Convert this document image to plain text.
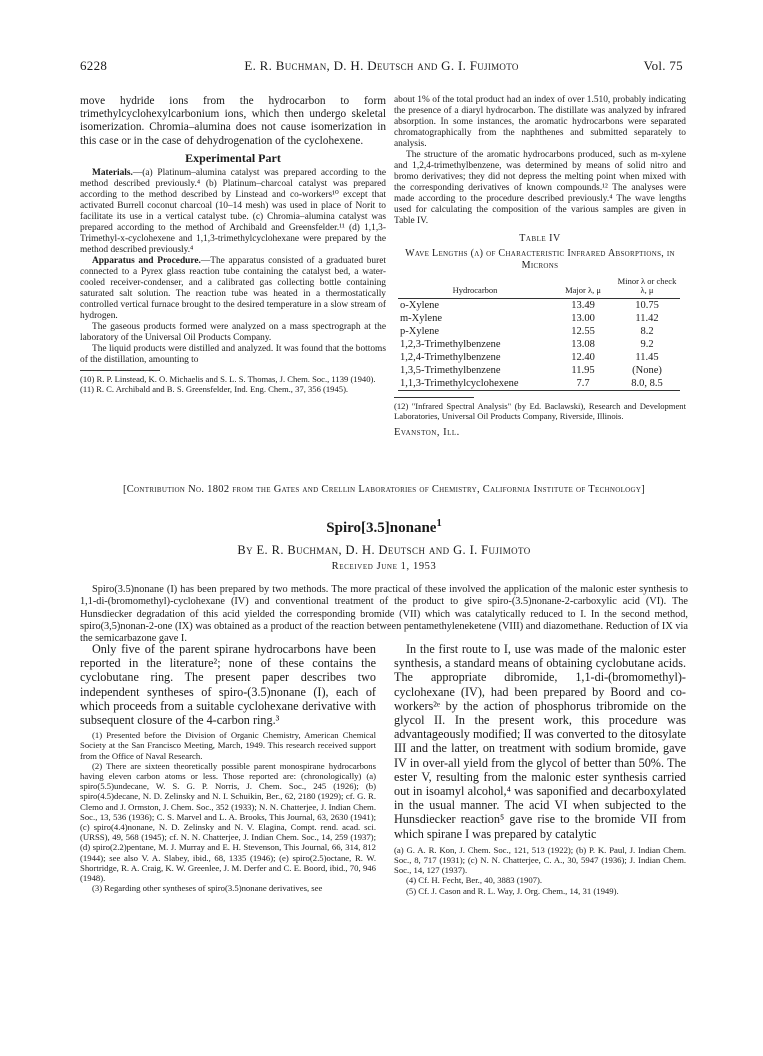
6228	E. R. Buchman, D. H. Deutsch and G. I. Fujimoto	Vol. 75

move hydride ions from the hydrocarbon to form trimethylcyclohexylcarbonium ions, which then undergo skeletal isomerization. Chromia–alumina does not cause isomerization in this case or in the case of dehydrogenation of the cyclohexene.

Experimental Part

Materials.—(a) Platinum–alumina catalyst was prepared according to the method described previously.⁴ (b) Platinum–charcoal catalyst was prepared according to the method described by Linstead and co-workers¹⁰ except that activated Burrell coconut charcoal (10–14 mesh) was used in place of Norit to facilitate its use in a vertical catalyst tube. (c) Chromia–alumina catalyst was prepared according to the method of Archibald and Greensfelder.¹¹ (d) 1,1,3-Trimethyl-x-cyclohexene and 1,1,3-trimethylcyclohexane were prepared by the method described previously.⁴

Apparatus and Procedure.—The apparatus consisted of a graduated buret connected to a Pyrex glass reaction tube containing the catalyst bed, a water-cooled receiver-condenser, and a calibrated gas collecting bottle containing saturated salt solution. The reaction tube was heated in a thermostatically controlled vertical furnace brought to the desired temperature in a slow stream of hydrogen.

The gaseous products formed were analyzed on a mass spectrograph at the laboratory of the Universal Oil Products Company.

The liquid products were distilled and analyzed. It was found that the bottoms of the distillation, amounting to

(10) R. P. Linstead, K. O. Michaelis and S. L. S. Thomas, J. Chem. Soc., 1139 (1940).

(11) R. C. Archibald and B. S. Greensfelder, Ind. Eng. Chem., 37, 356 (1945).

about 1% of the total product had an index of over 1.510, probably indicating the presence of a diaryl hydrocarbon. The distillate was analyzed by infrared absorption. In some instances, the aromatic hydrocarbons were separated chromatographically from the naphthenes and submitted separately to analysis.

The structure of the aromatic hydrocarbons produced, such as m-xylene and 1,2,4-trimethylbenzene, was determined by means of solid nitro and bromo derivatives; they did not depress the melting point when mixed with the corresponding derivatives of known compounds.¹² The analyses were made according to the procedure described previously.⁴ The wave lengths used for calculating the composition of the various samples are given in Table IV.

Table IV
Wave Lengths (λ) of Characteristic Infrared Absorptions, in Microns
Hydrocarbon	Major λ, μ	Minor λ or check λ, μ
o-Xylene	13.49	10.75
m-Xylene	13.00	11.42
p-Xylene	12.55	8.2
1,2,3-Trimethylbenzene	13.08	9.2
1,2,4-Trimethylbenzene	12.40	11.45
1,3,5-Trimethylbenzene	11.95	(None)
1,1,3-Trimethylcyclohexene	7.7	8.0, 8.5

(12) "Infrared Spectral Analysis" (by Ed. Baclawski), Research and Development Laboratories, Universal Oil Products Company, Riverside, Illinois.

Evanston, Ill.
[Contribution No. 1802 from the Gates and Crellin Laboratories of Chemistry, California Institute of Technology]
Spiro[3.5]nonane$^1$
By E. R. Buchman, D. H. Deutsch and G. I. Fujimoto
Received June 1, 1953

Spiro(3.5)nonane (I) has been prepared by two methods. The more practical of these involved the application of the malonic ester synthesis to 1,1-di-(bromomethyl)-cyclohexane (IV) and conventional treatment of the product to give spiro-(3.5)nonane-2-carboxylic acid (VI). The Hunsdiecker degradation of this acid yielded the corresponding bromide (VII) which was catalytically reduced to I. In the second method, spiro(3,5)nonan-2-one (IX) was obtained as a product of the reaction between pentamethyleneketene (VIII) and diazomethane. Reduction of IX via the semicarbazone gave I.

Only five of the parent spirane hydrocarbons have been reported in the literature²; none of these contains the cyclobutane ring. The present paper describes two independent syntheses of spiro-(3.5)nonane (I), each of which proceeds from a suitable cyclohexane derivative with subsequent closure of the 4-carbon ring.³

(1) Presented before the Division of Organic Chemistry, American Chemical Society at the San Francisco Meeting, March, 1949. This research received support from the Office of Naval Research.

(2) There are sixteen theoretically possible parent monospirane hydrocarbons having eleven carbon atoms or less. Those reported are: (chronologically) (a) spiro(5.5)undecane, W. S. G. P. Norris, J. Chem. Soc., 245 (1926); (b) spiro(4.5)decane, N. D. Zelinsky and N. I. Schuikin, Ber., 62, 2180 (1929); cf. G. R. Clemo and J. Ormston, J. Chem. Soc., 352 (1933); N. N. Chatterjee, J. Indian Chem. Soc., 13, 536 (1936); C. S. Marvel and L. A. Brooks, This Journal, 63, 2630 (1941); (c) spiro(4.4)nonane, N. D. Zelinsky and N. V. Elagina, Compt. rend. acad. sci. (URSS), 49, 568 (1945); cf. N. N. Chatterjee, J. Indian Chem. Soc., 14, 259 (1937); (d) spiro(2.2)pentane, M. J. Murray and E. H. Stevenson, This Journal, 66, 314, 812 (1944); see also V. A. Slabey, ibid., 68, 1335 (1946); (e) spiro(2.5)octane, R. W. Shortridge, R. A. Craig, K. W. Greenlee, J. M. Derfer and C. E. Boord, ibid., 70, 946 (1948).

(3) Regarding other syntheses of spiro(3.5)nonane derivatives, see

In the first route to I, use was made of the malonic ester synthesis, a standard means of obtaining cyclobutane acids. The appropriate dibromide, 1,1-di-(bromomethyl)-cyclohexane (IV), had been prepared by Boord and co-workers²ᵉ by the action of phosphorus tribromide on the glycol II. In the present work, this procedure was advantageously modified; II was converted to the ditosylate III and the latter, on treatment with sodium bromide, gave IV in over-all yield from the glycol of better than 50%. The ester V, resulting from the malonic ester synthesis carried out in isoamyl alcohol,⁴ was saponified and decarboxylated in the usual manner. The acid VI when subjected to the Hunsdiecker reaction⁵ gave rise to the bromide VII from which spirane I was prepared by catalytic

(a) G. A. R. Kon, J. Chem. Soc., 121, 513 (1922); (b) P. K. Paul, J. Indian Chem. Soc., 8, 717 (1931); (c) N. N. Chatterjee, C. A., 30, 5947 (1936); J. Indian Chem. Soc., 14, 127 (1937).

(4) Cf. H. Fecht, Ber., 40, 3883 (1907).

(5) Cf. J. Cason and R. L. Way, J. Org. Chem., 14, 31 (1949).
